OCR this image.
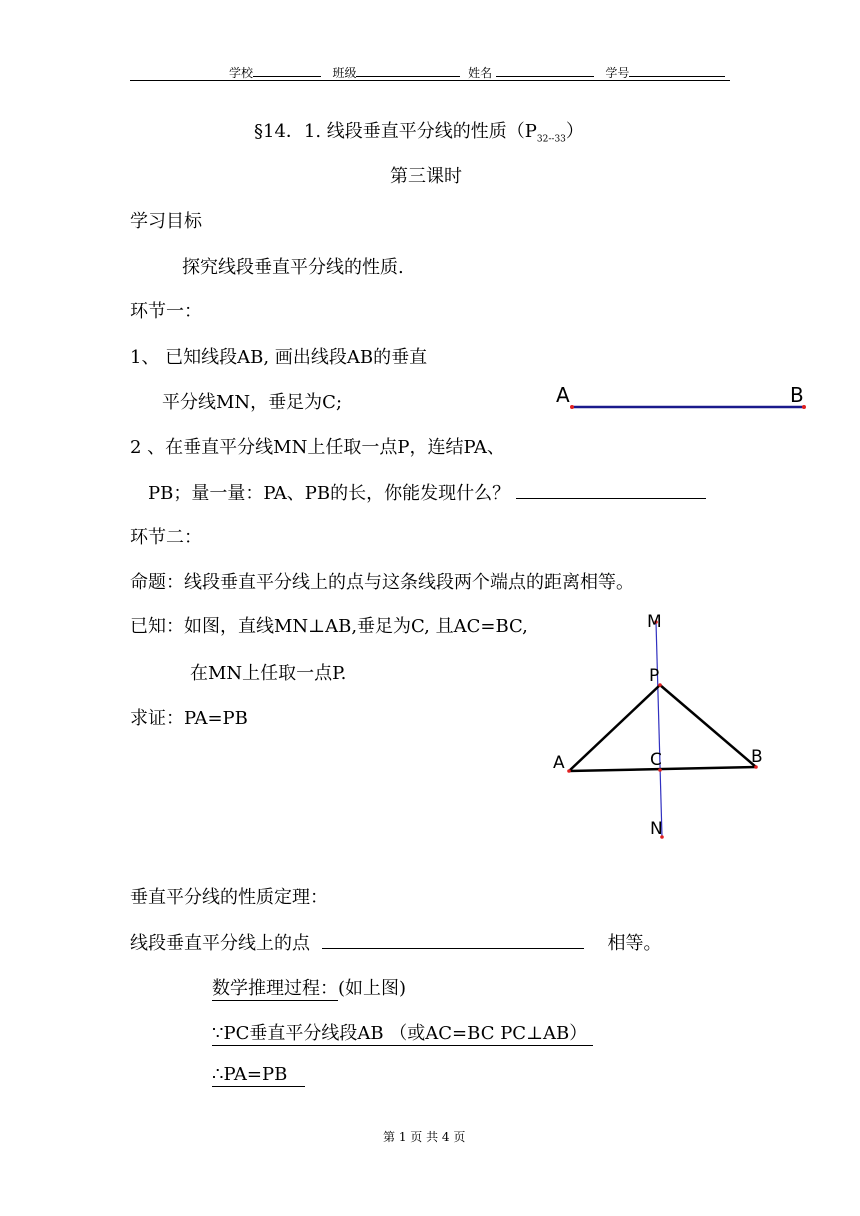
学校	班级	姓名	学号
§14．1. 线段垂直平分线的性质$(P_{32--33})$
第三课时
学习目标
探究线段垂直平分线的性质.
环节一：
1、 已知线段AB, 画出线段AB的垂直
平分线MN，垂足为C;
2 、在垂直平分线MN上任取一点P，连结PA、
PB；量一量：PA、PB的长，你能发现什么？
A	B
环节二：
命题：线段垂直平分线上的点与这条线段两个端点的距离相等。
已知：如图，直线MN⊥AB,垂足为C, 且AC=BC,
在MN上任取一点P.
求证：PA=PB
M
P
C
A	B
N
垂直平分线的性质定理：
线段垂直平分线上的点	相等。
数学推理过程：(如上图)
∵PC垂直平分线段AB （或AC=BC PC⊥AB）
∴PA=PB
第 1 页 共 4 页
